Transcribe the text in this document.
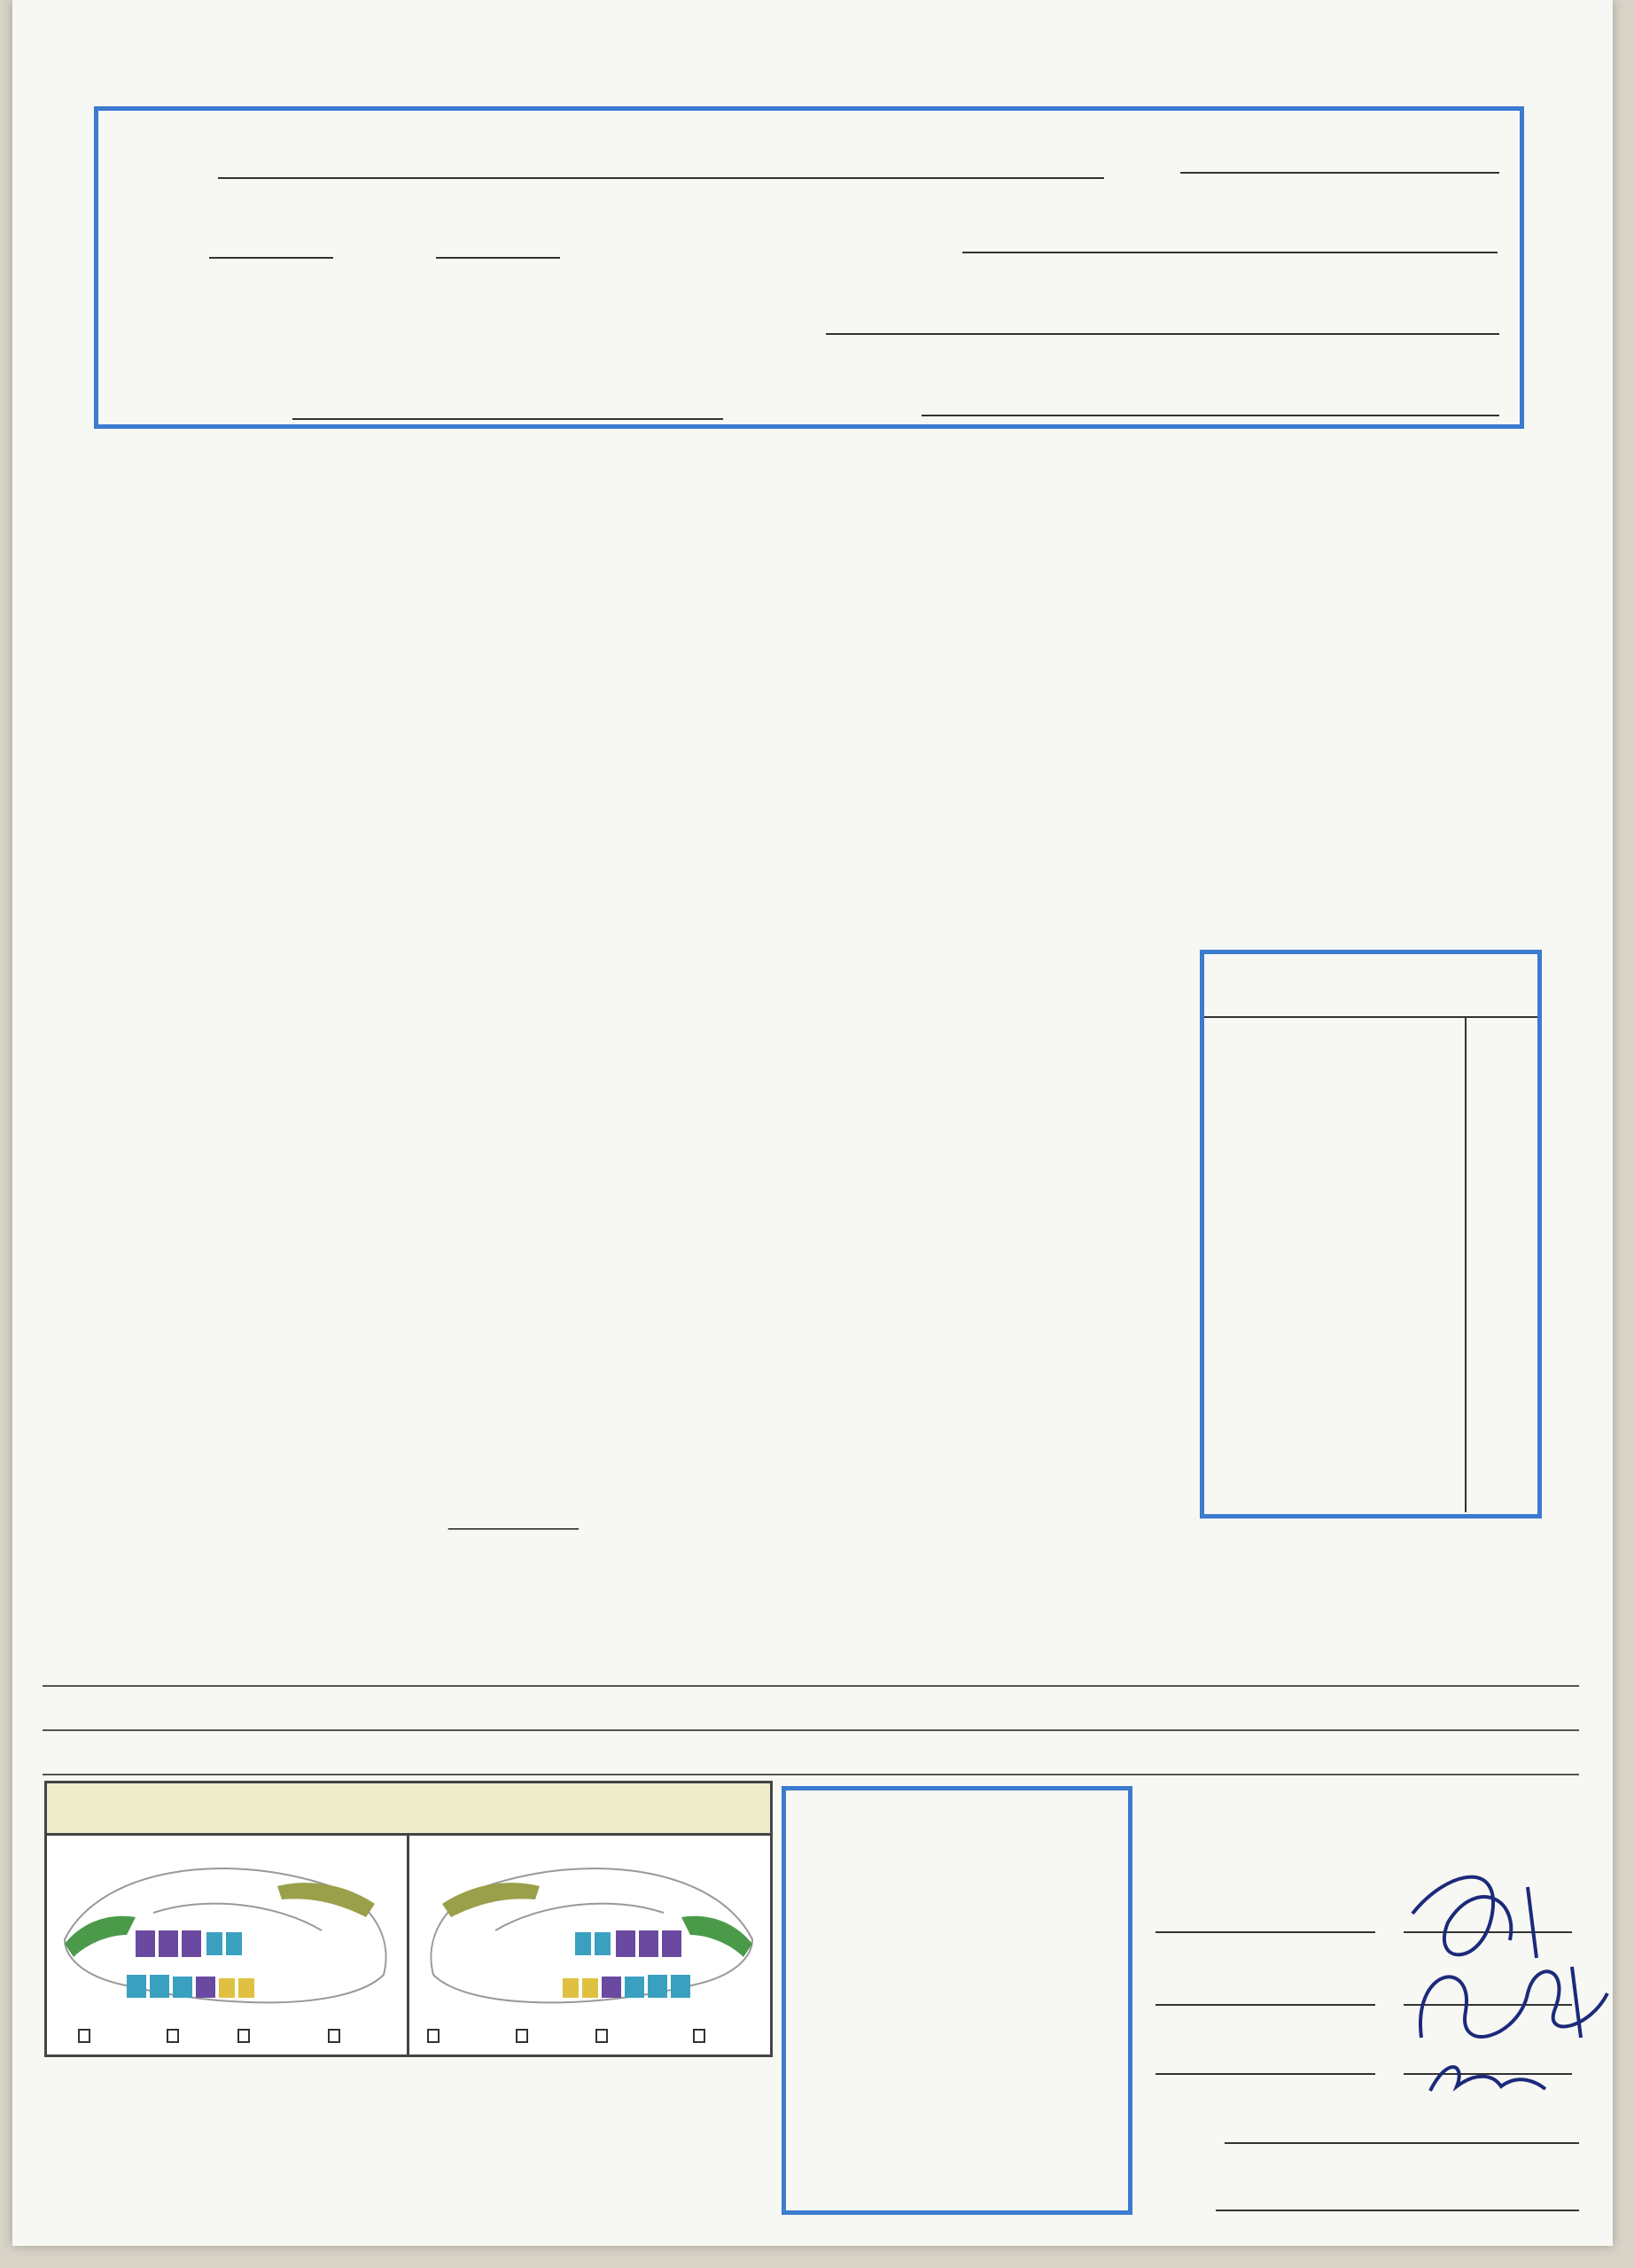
____________
